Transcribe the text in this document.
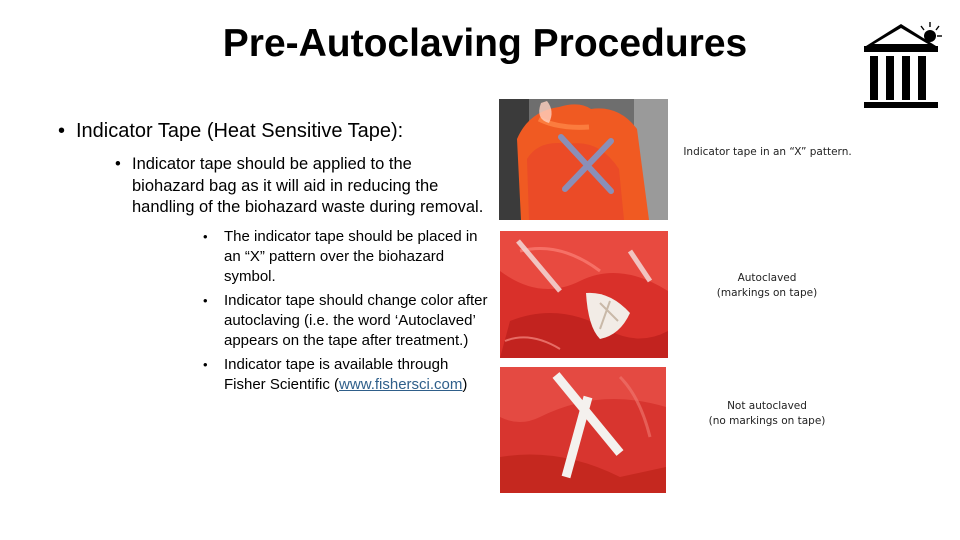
Pre-Autoclaving Procedures
• Indicator Tape (Heat Sensitive Tape):
• Indicator tape should be applied to the biohazard bag as it will aid in reducing the handling of the biohazard waste during removal.
• The indicator tape should be placed in an “X” pattern over the biohazard symbol.
• Indicator tape should change color after autoclaving (i.e. the word ‘Autoclaved’ appears on the tape after treatment.)
• Indicator tape is available through Fisher Scientific (www.fishersci.com)
Indicator tape in an “X” pattern.
Autoclaved
(markings on tape)
Not autoclaved
(no markings on tape)
